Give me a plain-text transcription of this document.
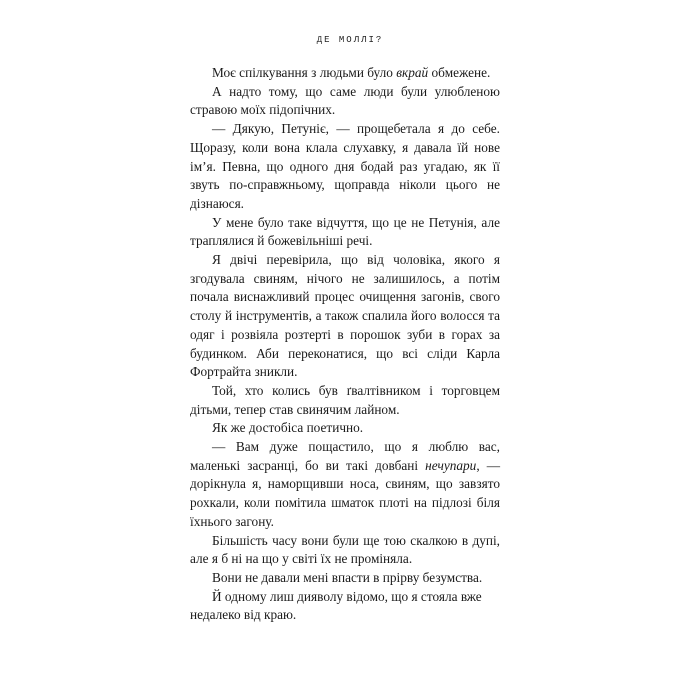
ДЕ МОЛЛІ?

Моє спілкування з людьми було вкрай обмежене.

А надто тому, що саме люди були улюбленою стравою моїх підопічних.

— Дякую, Петуніє, — прощебетала я до себе. Щоразу, коли вона клала слухавку, я давала їй нове ім’я. Певна, що одного дня бодай раз угадаю, як її звуть по-справжньому, щоправда ніколи цього не дізнаюся.

У мене було таке відчуття, що це не Петунія, але траплялися й божевільніші речі.

Я двічі перевірила, що від чоловіка, якого я згодувала свиням, нічого не залишилось, а потім почала виснажливий процес очищення загонів, свого столу й інструментів, а також спалила його волосся та одяг і розвіяла розтерті в порошок зуби в горах за будинком. Аби переконатися, що всі сліди Карла Фортрайта зникли.

Той, хто колись був ґвалтівником і торговцем дітьми, тепер став свинячим лайном.

Як же достобіса поетично.

— Вам дуже пощастило, що я люблю вас, маленькі засранці, бо ви такі довбані нечупари, — дорікнула я, наморщивши носа, свиням, що завзято рохкали, коли помітила шматок плоті на підлозі біля їхнього загону.

Більшість часу вони були ще тою скалкою в дупі, але я б ні на що у світі їх не проміняла.

Вони не давали мені впасти в прірву безумства.

Й одному лиш дияволу відомо, що я стояла вже недалеко від краю.
